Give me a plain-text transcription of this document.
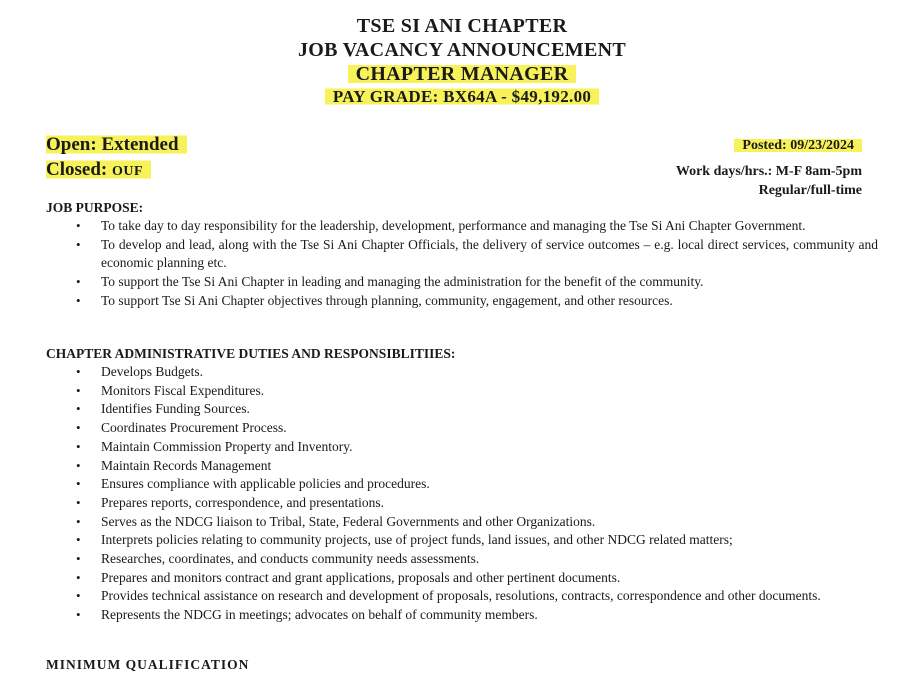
TSE SI ANI CHAPTER
JOB VACANCY ANNOUNCEMENT
CHAPTER MANAGER
PAY GRADE: BX64A - $49,192.00
Open: Extended
Closed: OUF
Posted: 09/23/2024
Work days/hrs.: M-F 8am-5pm
Regular/full-time
JOB PURPOSE:
• To take day to day responsibility for the leadership, development, performance and managing the Tse Si Ani Chapter Government.
• To develop and lead, along with the Tse Si Ani Chapter Officials, the delivery of service outcomes – e.g. local direct services, community and economic planning etc.
• To support the Tse Si Ani Chapter in leading and managing the administration for the benefit of the community.
• To support Tse Si Ani Chapter objectives through planning, community, engagement, and other resources.
CHAPTER ADMINISTRATIVE DUTIES AND RESPONSIBLITIIES:
• Develops Budgets.
• Monitors Fiscal Expenditures.
• Identifies Funding Sources.
• Coordinates Procurement Process.
• Maintain Commission Property and Inventory.
• Maintain Records Management
• Ensures compliance with applicable policies and procedures.
• Prepares reports, correspondence, and presentations.
• Serves as the NDCG liaison to Tribal, State, Federal Governments and other Organizations.
• Interprets policies relating to community projects, use of project funds, land issues, and other NDCG related matters;
• Researches, coordinates, and conducts community needs assessments.
• Prepares and monitors contract and grant applications, proposals and other pertinent documents.
• Provides technical assistance on research and development of proposals, resolutions, contracts, correspondence and other documents.
• Represents the NDCG in meetings; advocates on behalf of community members.
MINIMUM QUALIFICATION
